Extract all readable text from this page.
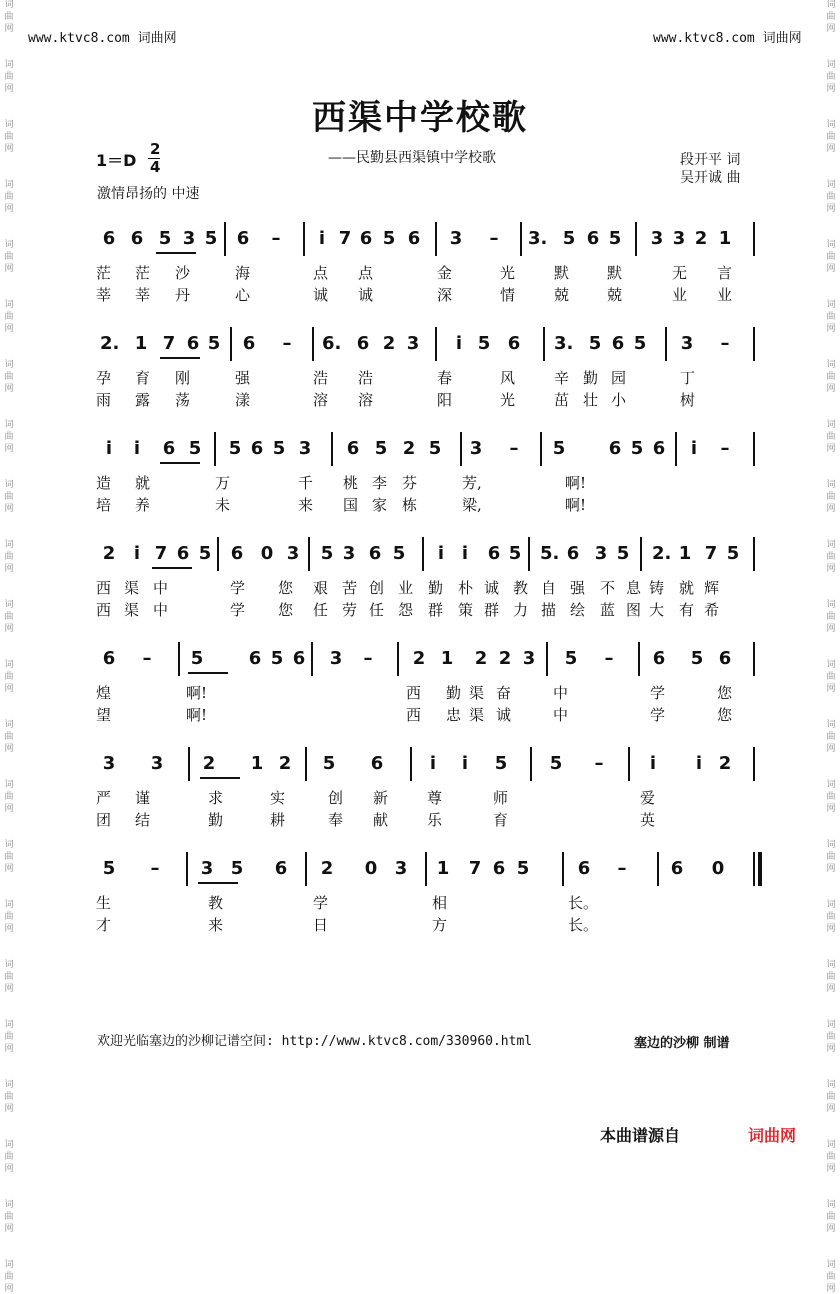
词
曲
网
词
曲
网
词
曲
网
词
曲
网
词
曲
网
词
曲
网
词
曲
网
词
曲
网
词
曲
网
词
曲
网
词
曲
网
词
曲
网
词
曲
网
词
曲
网
词
曲
网
词
曲
网
词
曲
网
词
曲
网
词
曲
网
词
曲
网
词
曲
网
词
曲
网
词
曲
网
词
曲
网
词
曲
网
词
曲
网
词
曲
网
词
曲
网
词
曲
网
词
曲
网
词
曲
网
词
曲
网
词
曲
网
词
曲
网
词
曲
网
词
曲
网
词
曲
网
词
曲
网
词
曲
网
词
曲
网
词
曲
网
词
曲
网
词
曲
网
词
曲
网
www.ktvc8.com 词曲网	www.ktvc8.com 词曲网
西渠中学校歌
1＝D
2
4	——民勤县西渠镇中学校歌	段开平 词
吴开诚 曲
激情昂扬的 中速
6 6 5 3 5 6 –	i 7 6 5 6 3 – 3. 5 6 5 3 3 2 1
茫 茫 沙	海	点 点	金	光	默	默	无 言
莘 莘 丹	心	诚 诚	深	情	兢	兢	业 业
2. 1 7 6 5 6 – 6. 6 2 3	i 5 6 3. 5 6 5 3 –
孕 育 刚	强	浩 浩	春	风	辛 勤 园	丁
雨 露 荡	漾	溶 溶	阳	光	茁 壮 小	树
i	i	6 5 5 6 5 3 6 5 2 5 3 – 5 6 5 6	i	–
造 就	万	千 桃 李 芬	芳,	啊!
培 养	未	来 国 家 栋	梁,	啊!
2	i 7 6 5 6 0 3 5 3 6 5	i i	6 5 5. 6 3 5 2. 1 7 5
西 渠 中	学 您 艰 苦 创 业 勤 朴 诚 教 自 强 不 息 铸 就 辉
西 渠 中	学 您 任 劳 任 怨 群 策 群 力 描 绘 蓝 图 大 有 希
6 – 5	6 5 6 3 – 2 1 2 2 3 5 – 6 5 6
煌	啊!	西	渠	中	学	您
勤 奋
望	啊!	西	渠	中	学	您
忠 诚
3 3 2 1 2 5 6	i	i	5 5 –	i	i 2
严 谨	求	实	创 新	尊	师	爱
团 结	勤	耕	奉 献	乐	育	英
5 – 3 5 6 2 0 3 1 7 6 5	6 – 6 0
生	教	学	相	长。
才	来	日	方	长。
欢迎光临塞边的沙柳记谱空间: http://www.ktvc8.com/330960.html	塞边的沙柳 制谱
本曲谱源自	词曲网
